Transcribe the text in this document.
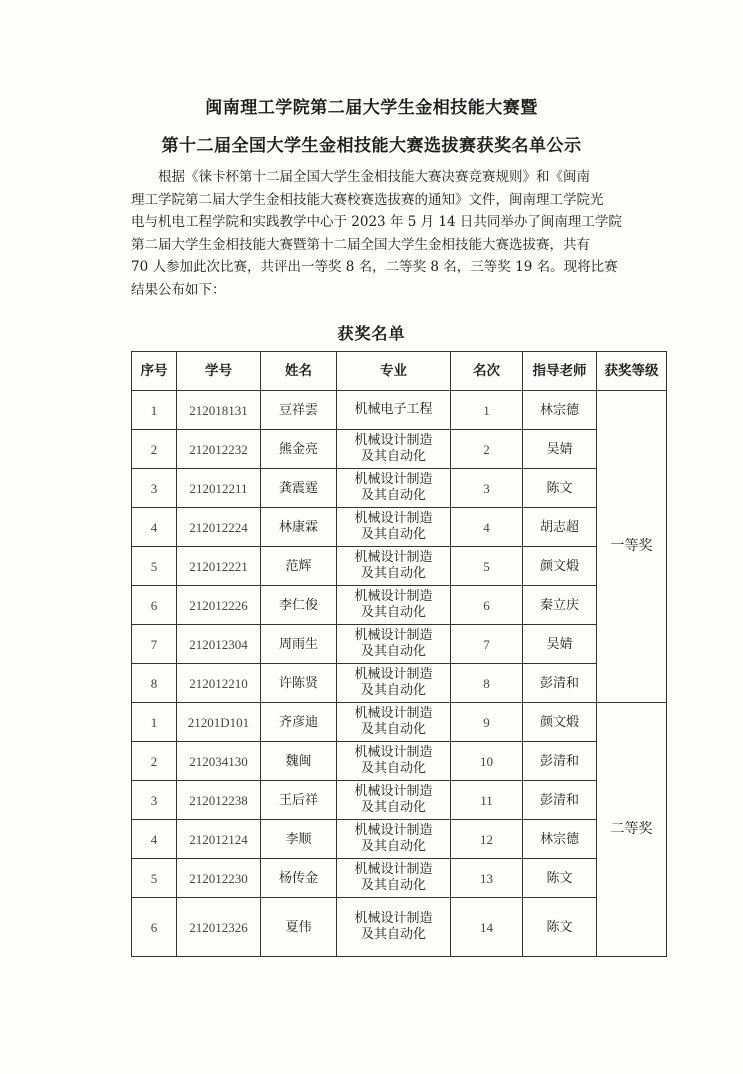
闽南理工学院第二届大学生金相技能大赛暨
第十二届全国大学生金相技能大赛选拔赛获奖名单公示
根据《徕卡杯第十二届全国大学生金相技能大赛决赛竞赛规则》和《闽南
理工学院第二届大学生金相技能大赛校赛选拔赛的通知》文件，闽南理工学院光
电与机电工程学院和实践教学中心于 2023 年 5 月 14 日共同举办了闽南理工学院
第二届大学生金相技能大赛暨第十二届全国大学生金相技能大赛选拔赛，共有
70 人参加此次比赛，共评出一等奖 8 名，二等奖 8 名，三等奖 19 名。现将比赛
结果公布如下：
获奖名单
序号	学号	姓名	专业	名次	指导老师	获奖等级
1	212018131	豆祥雲	机械电子工程	1	林宗德	一等奖
2	212012232	熊金亮	机械设计制造
及其自动化	2	吴婧	
3	212012211	龚震霆	机械设计制造
及其自动化	3	陈文	
4	212012224	林康霖	机械设计制造
及其自动化	4	胡志超	
5	212012221	范辉	机械设计制造
及其自动化	5	颜文煅	
6	212012226	李仁俊	机械设计制造
及其自动化	6	秦立庆	
7	212012304	周雨生	机械设计制造
及其自动化	7	吴婧	
8	212012210	许陈贤	机械设计制造
及其自动化	8	彭清和	
1	21201D101	齐彦迪	机械设计制造
及其自动化	9	颜文煅	二等奖
2	212034130	魏闽	机械设计制造
及其自动化	10	彭清和	
3	212012238	王后祥	机械设计制造
及其自动化	11	彭清和	
4	212012124	李顺	机械设计制造
及其自动化	12	林宗德	
5	212012230	杨传金	机械设计制造
及其自动化	13	陈文	
6	212012326	夏伟	机械设计制造
及其自动化	14	陈文	
